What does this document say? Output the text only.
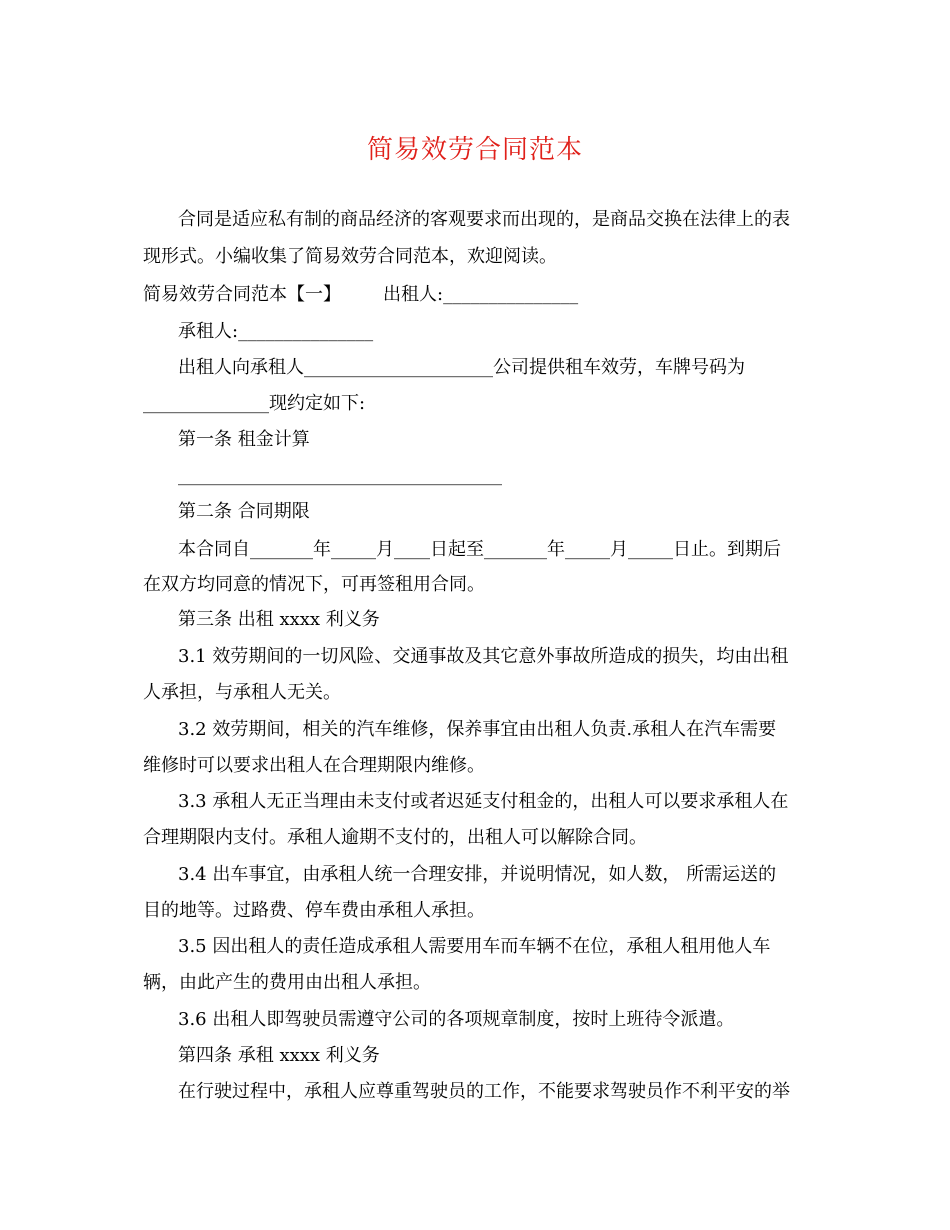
简易效劳合同范本
合同是适应私有制的商品经济的客观要求而出现的，是商品交换在法律上的表
现形式。小编收集了简易效劳合同范本，欢迎阅读。
简易效劳合同范本【一】 出租人:_______________
承租人:_______________
出租人向承租人_____________________公司提供租车效劳，车牌号码为
______________现约定如下:
第一条 租金计算
____________________________________
第二条 合同期限
本合同自_______年_____月____日起至_______年_____月_____日止。到期后
在双方均同意的情况下，可再签租用合同。
第三条 出租 xxxx 利义务
3.1 效劳期间的一切风险、交通事故及其它意外事故所造成的损失，均由出租
人承担，与承租人无关。
3.2 效劳期间，相关的汽车维修，保养事宜由出租人负责.承租人在汽车需要
维修时可以要求出租人在合理期限内维修。
3.3 承租人无正当理由未支付或者迟延支付租金的，出租人可以要求承租人在
合理期限内支付。承租人逾期不支付的，出租人可以解除合同。
3.4 出车事宜，由承租人统一合理安排，并说明情况，如人数， 所需运送的
目的地等。过路费、停车费由承租人承担。
3.5 因出租人的责任造成承租人需要用车而车辆不在位，承租人租用他人车
辆，由此产生的费用由出租人承担。
3.6 出租人即驾驶员需遵守公司的各项规章制度，按时上班待令派遣。
第四条 承租 xxxx 利义务
在行驶过程中，承租人应尊重驾驶员的工作，不能要求驾驶员作不利平安的举
